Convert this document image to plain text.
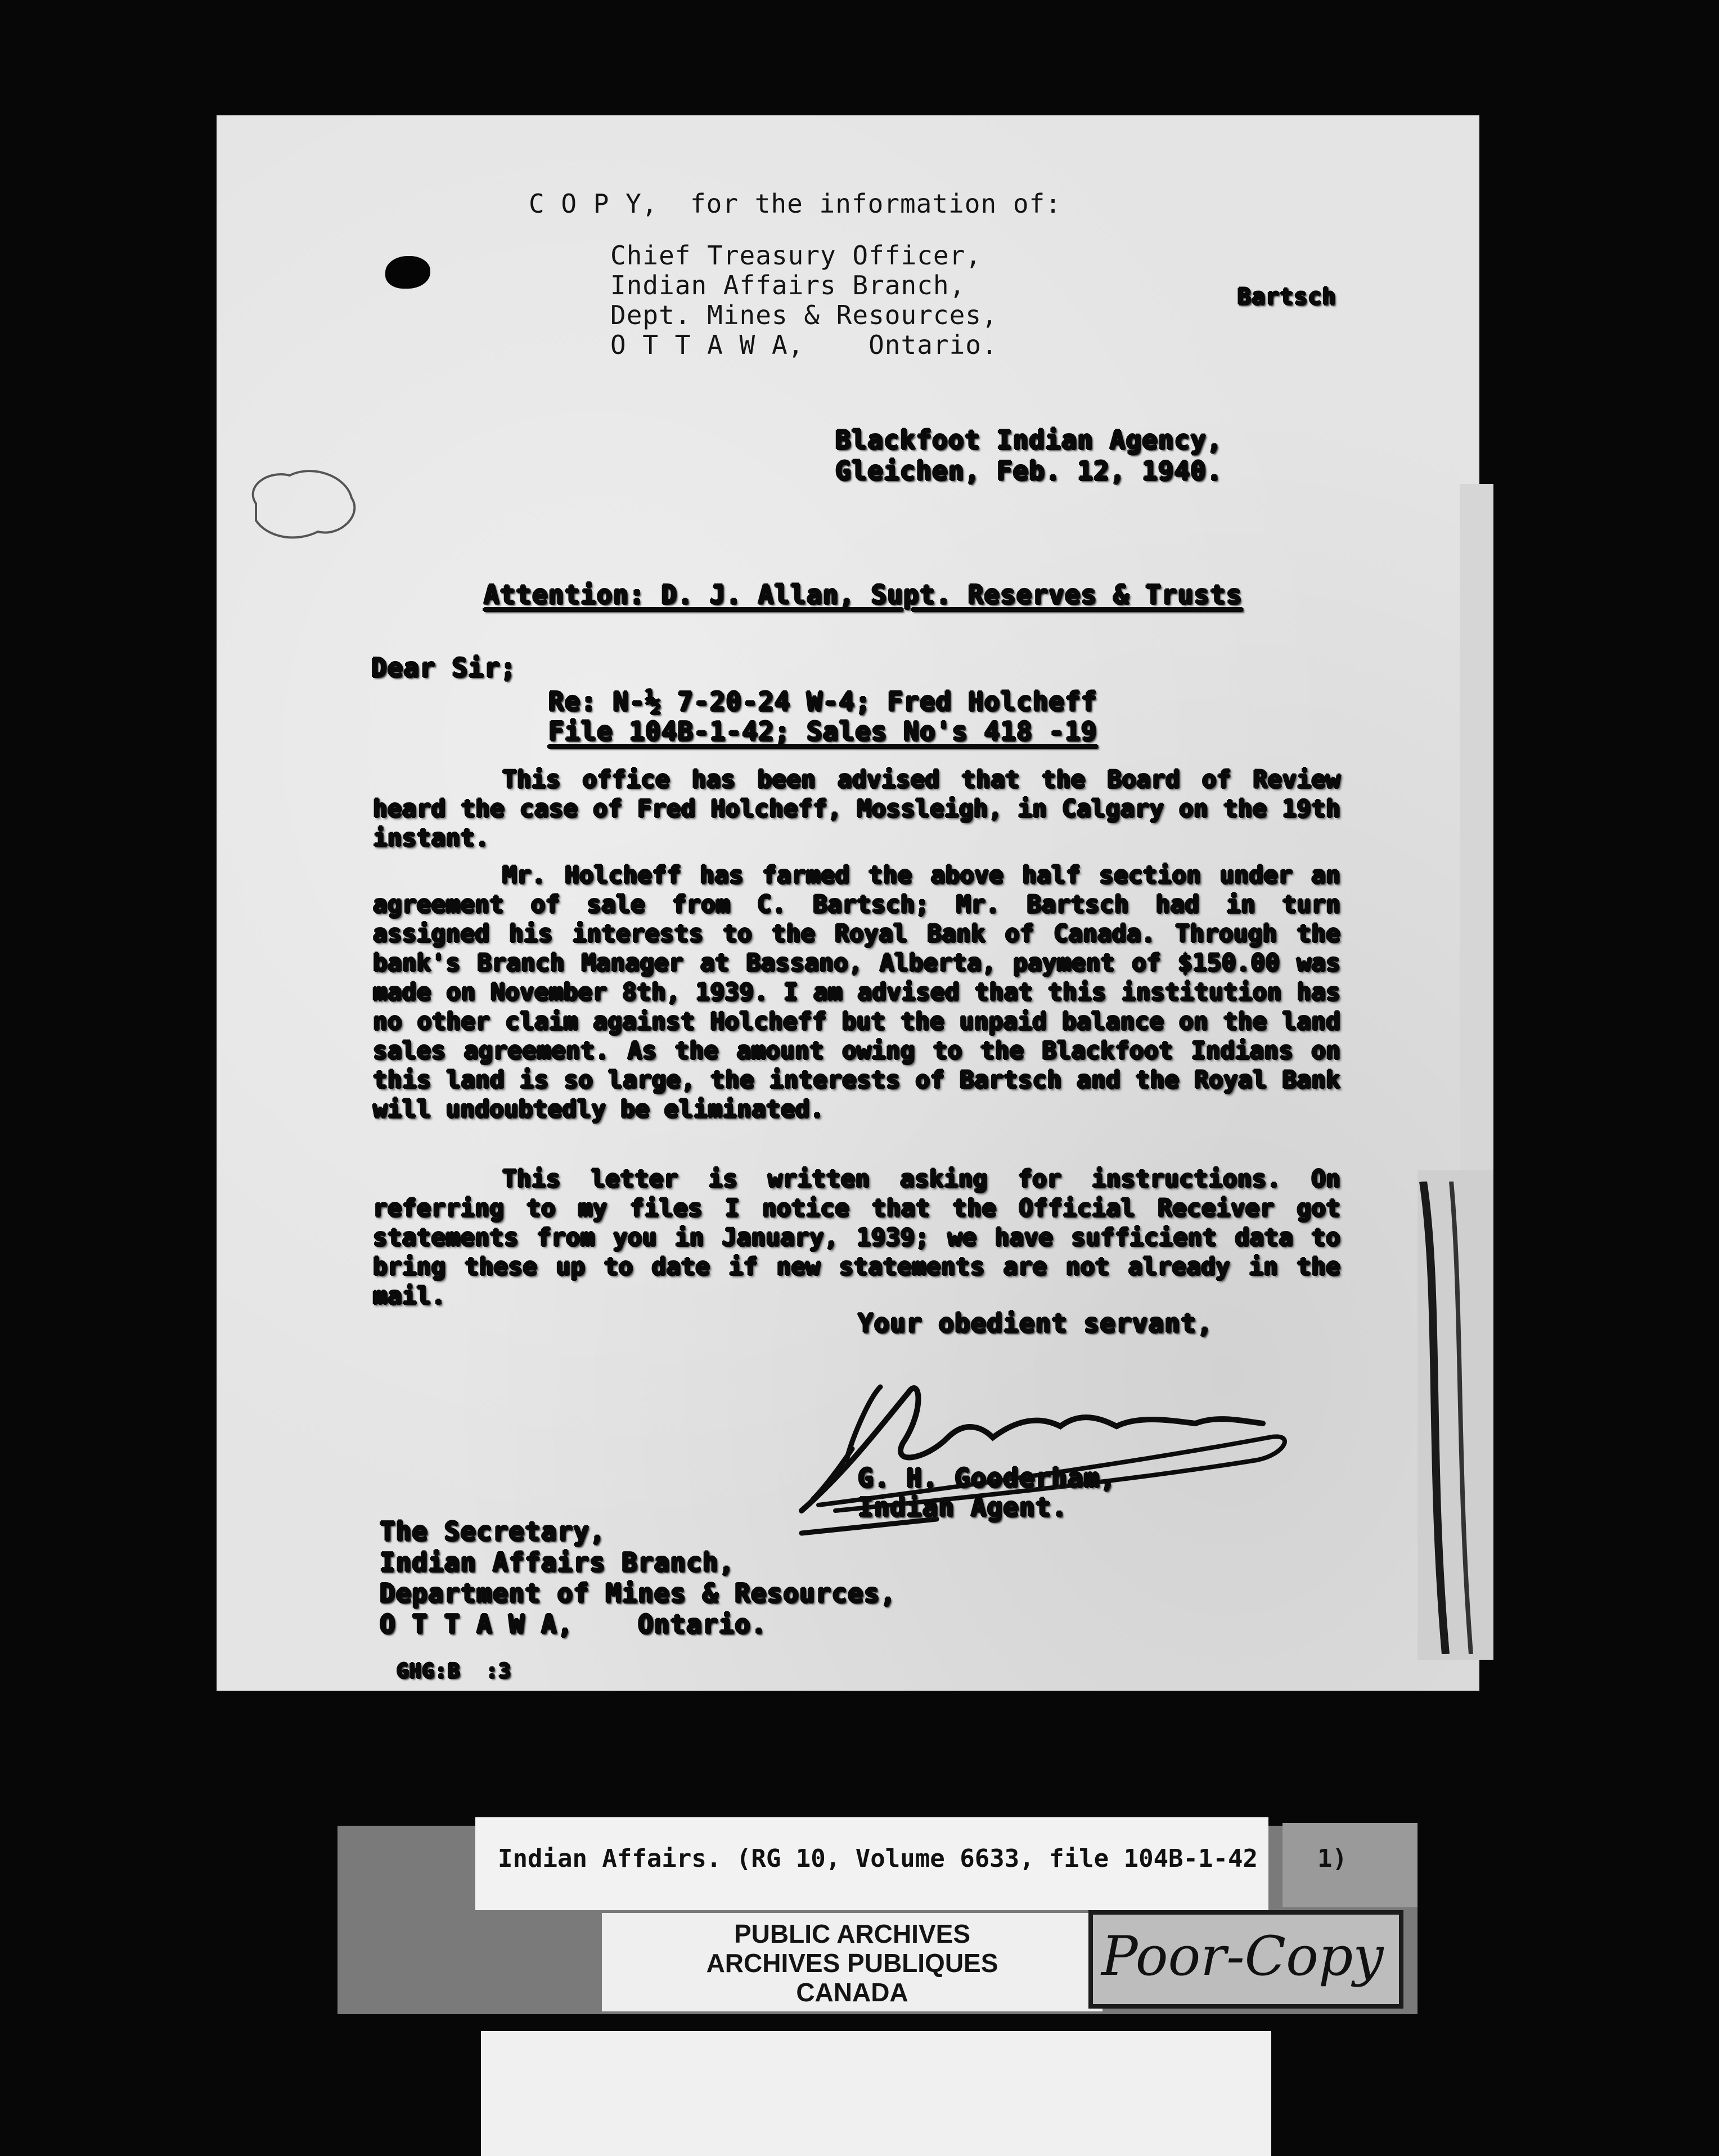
C O P Y,  for the information of:
Chief Treasury Officer,
Indian Affairs Branch,
Dept. Mines & Resources,
O T T A W A,    Ontario.
Bartsch
Blackfoot Indian Agency,
Gleichen, Feb. 12, 1940.
Attention: D. J. Allan, Supt. Reserves & Trusts
Dear Sir;
Re: N-½ 7-20-24 W-4; Fred Holcheff
File 104B-1-42; Sales No's 418 -19

This office has been advised that the Board of Review heard the case of Fred Holcheff, Mossleigh, in Calgary on the 19th instant.

Mr. Holcheff has farmed the above half section under an agreement of sale from C. Bartsch; Mr. Bartsch had in turn assigned his interests to the Royal Bank of Canada. Through the bank's Branch Manager at Bassano, Alberta, payment of $150.00 was made on November 8th, 1939. I am advised that this institution has no other claim against Holcheff but the unpaid balance on the land sales agreement. As the amount owing to the Blackfoot Indians on this land is so large, the interests of Bartsch and the Royal Bank will undoubtedly be eliminated.

This letter is written asking for instructions. On referring to my files I notice that the Official Receiver got statements from you in January, 1939; we have sufficient data to bring these up to date if new statements are not already in the mail.

Your obedient servant,
G. H. Gooderham,
Indian Agent.
The Secretary,
Indian Affairs Branch,
Department of Mines & Resources,
O T T A W A,    Ontario.
GHG:B  :3
Indian Affairs. (RG 10, Volume 6633, file 104B-1-42    1)
PUBLIC ARCHIVES
ARCHIVES PUBLIQUES
CANADA
Poor-Copy
